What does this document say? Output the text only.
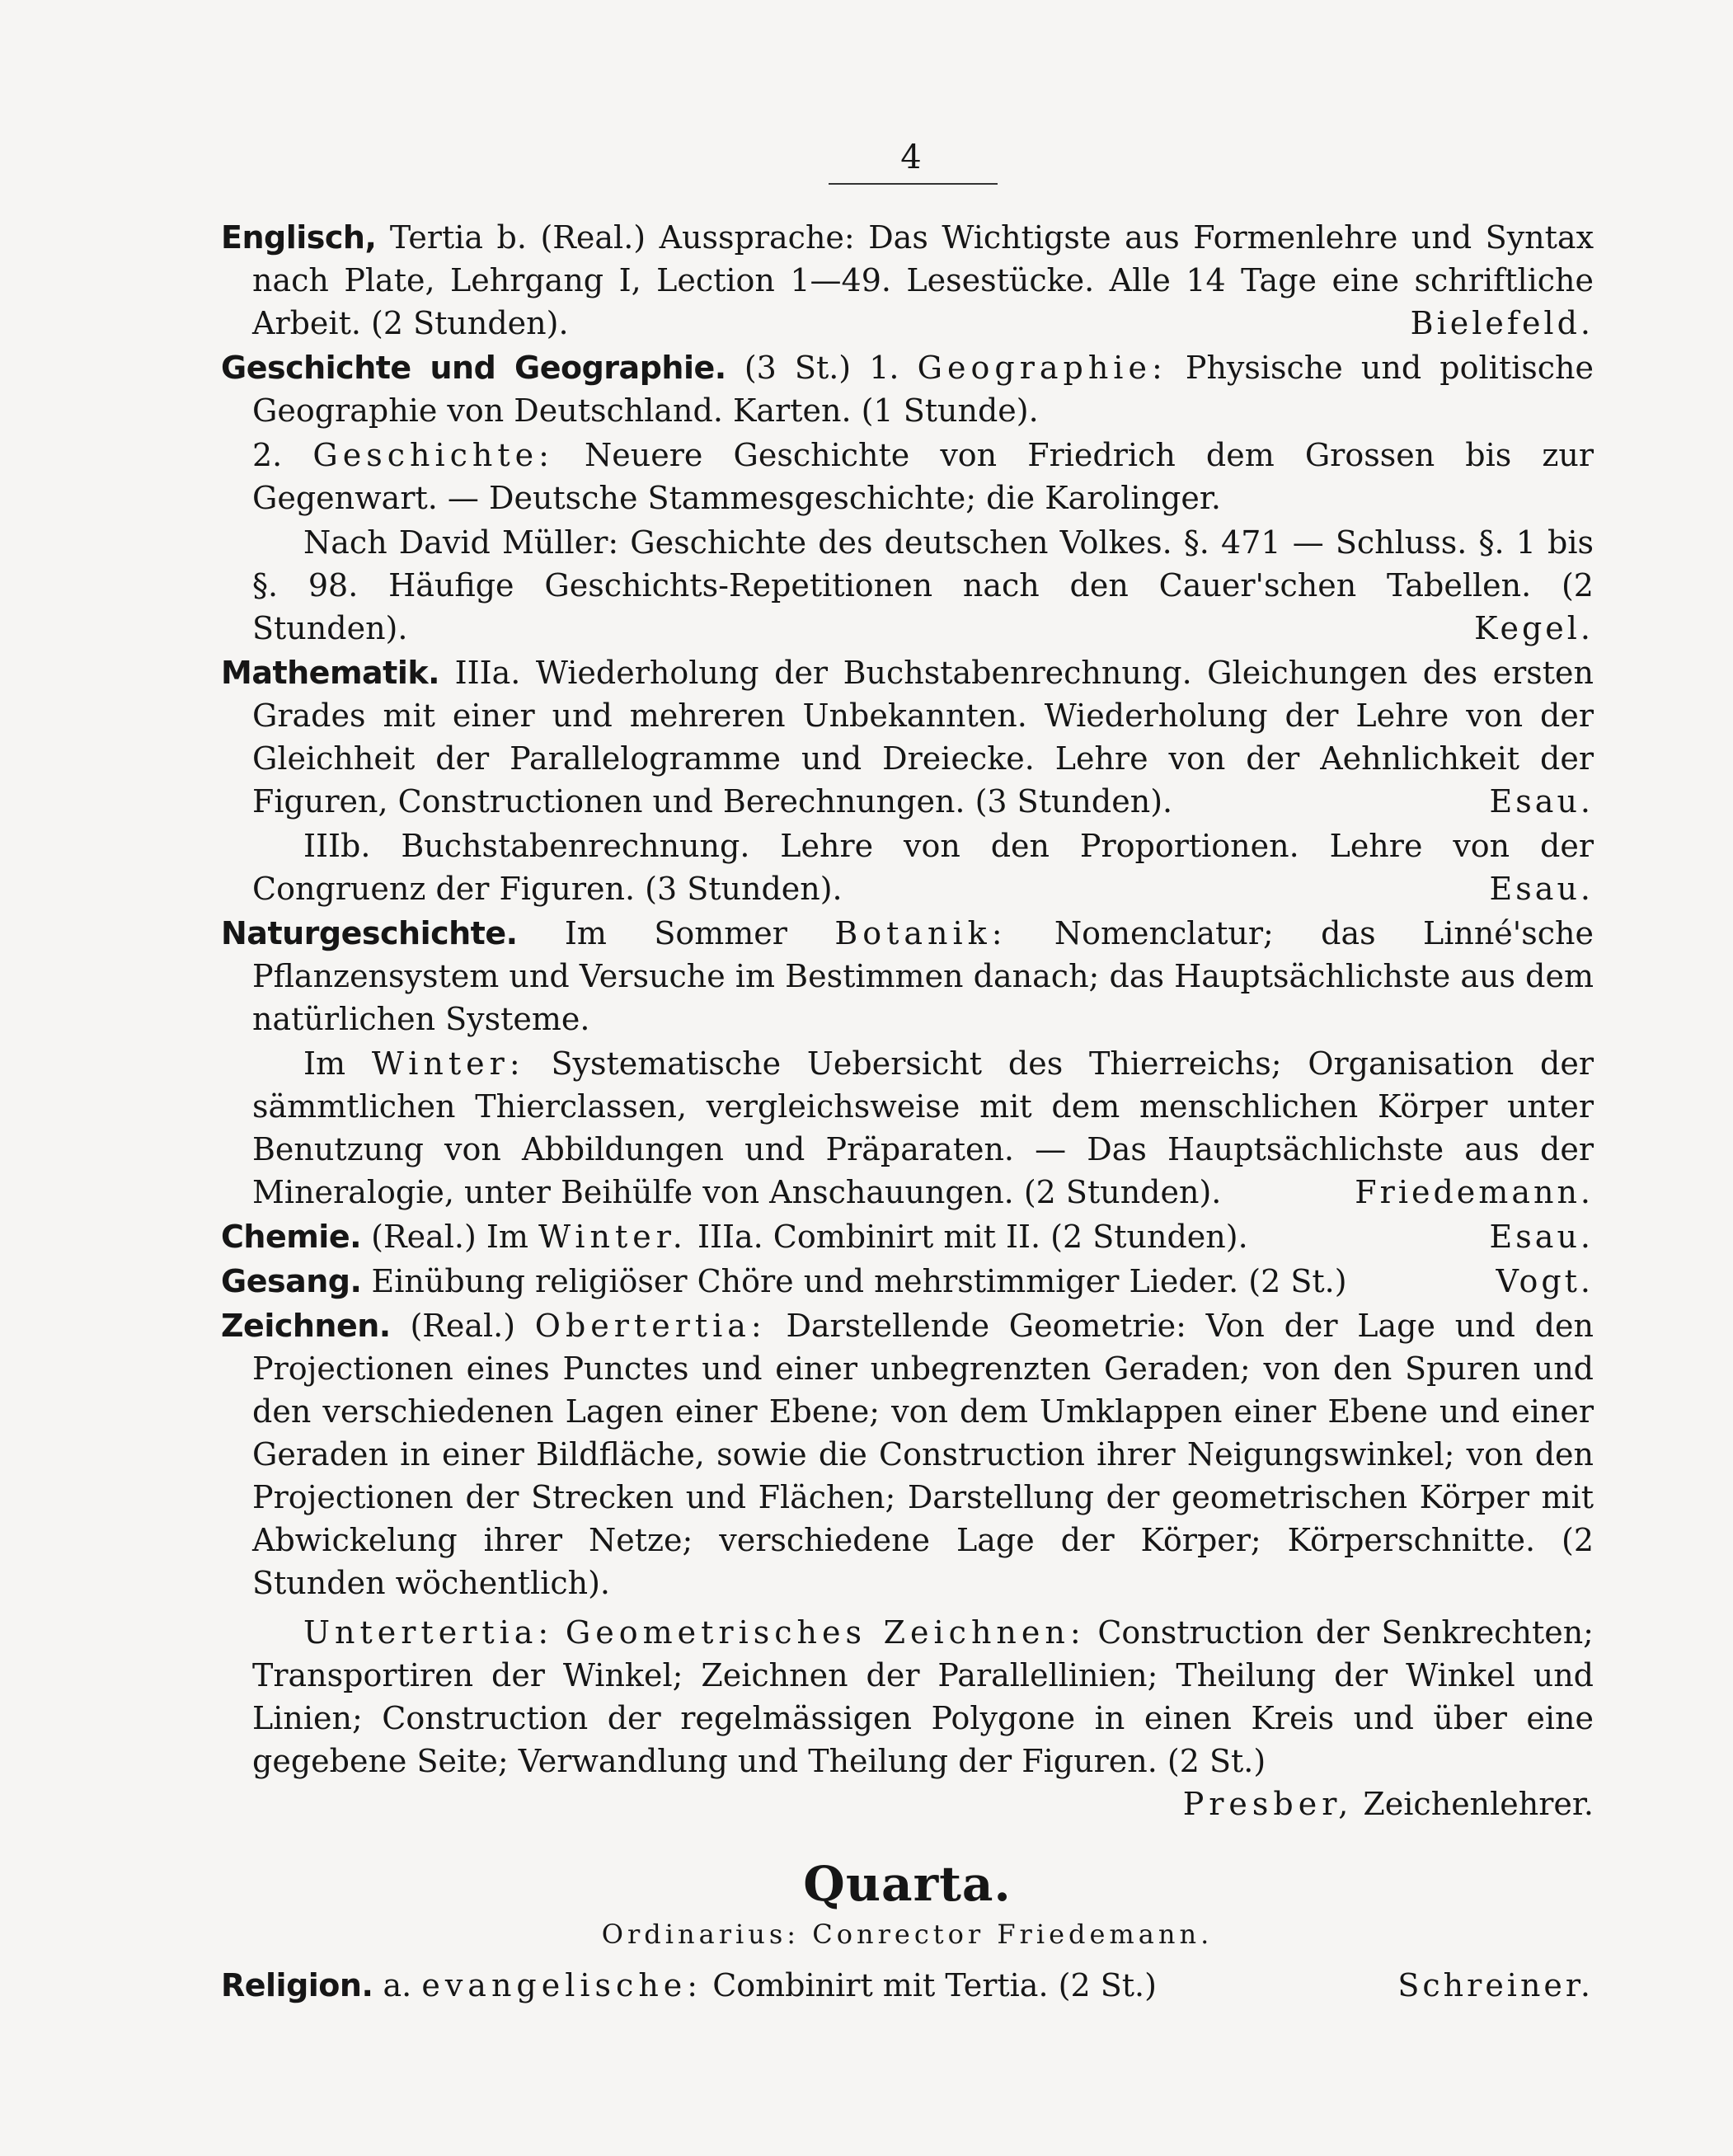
4
Englisch, Tertia b. (Real.) Aussprache: Das Wichtigste aus Formenlehre und Syntax nach Plate, Lehrgang I, Lection 1—49. Lesestücke. Alle 14 Tage eine schriftliche Arbeit. (2 Stunden).	Bielefeld.
Geschichte und Geographie. (3 St.) 1. Geographie: Physische und politische Geographie von Deutschland. Karten. (1 Stunde).
2. Geschichte: Neuere Geschichte von Friedrich dem Grossen bis zur Gegenwart. — Deutsche Stammesgeschichte; die Karolinger.
Nach David Müller: Geschichte des deutschen Volkes. §. 471 — Schluss. §. 1 bis §. 98. Häufige Geschichts-Repetitionen nach den Cauer'schen Tabellen. (2 Stunden).	Kegel.
Mathematik. IIIa. Wiederholung der Buchstabenrechnung. Gleichungen des ersten Grades mit einer und mehreren Unbekannten. Wiederholung der Lehre von der Gleichheit der Parallelogramme und Dreiecke. Lehre von der Aehnlichkeit der Figuren, Constructionen und Berechnungen. (3 Stunden).	Esau.
IIIb. Buchstabenrechnung. Lehre von den Proportionen. Lehre von der Congruenz der Figuren. (3 Stunden).	Esau.
Naturgeschichte. Im Sommer Botanik: Nomenclatur; das Linné'sche Pflanzensystem und Versuche im Bestimmen danach; das Hauptsächlichste aus dem natürlichen Systeme.
Im Winter: Systematische Uebersicht des Thierreichs; Organisation der sämmtlichen Thierclassen, vergleichsweise mit dem menschlichen Körper unter Benutzung von Abbildungen und Präparaten. — Das Hauptsächlichste aus der Mineralogie, unter Beihülfe von Anschauungen. (2 Stunden).	Friedemann.
Chemie. (Real.) Im Winter. IIIa. Combinirt mit II. (2 Stunden).	Esau.
Gesang. Einübung religiöser Chöre und mehrstimmiger Lieder. (2 St.)	Vogt.
Zeichnen. (Real.) Obertertia: Darstellende Geometrie: Von der Lage und den Projectionen eines Punctes und einer unbegrenzten Geraden; von den Spuren und den verschiedenen Lagen einer Ebene; von dem Umklappen einer Ebene und einer Geraden in einer Bildfläche, sowie die Construction ihrer Neigungswinkel; von den Projectionen der Strecken und Flächen; Darstellung der geometrischen Körper mit Abwickelung ihrer Netze; verschiedene Lage der Körper; Körperschnitte. (2 Stunden wöchentlich).
Untertertia: Geometrisches Zeichnen: Construction der Senkrechten; Transportiren der Winkel; Zeichnen der Parallellinien; Theilung der Winkel und Linien; Construction der regelmässigen Polygone in einen Kreis und über eine gegebene Seite; Verwandlung und Theilung der Figuren. (2 St.)
Presber, Zeichenlehrer.
Quarta.
Ordinarius: Conrector Friedemann.
Religion. a. evangelische: Combinirt mit Tertia. (2 St.)	Schreiner.
